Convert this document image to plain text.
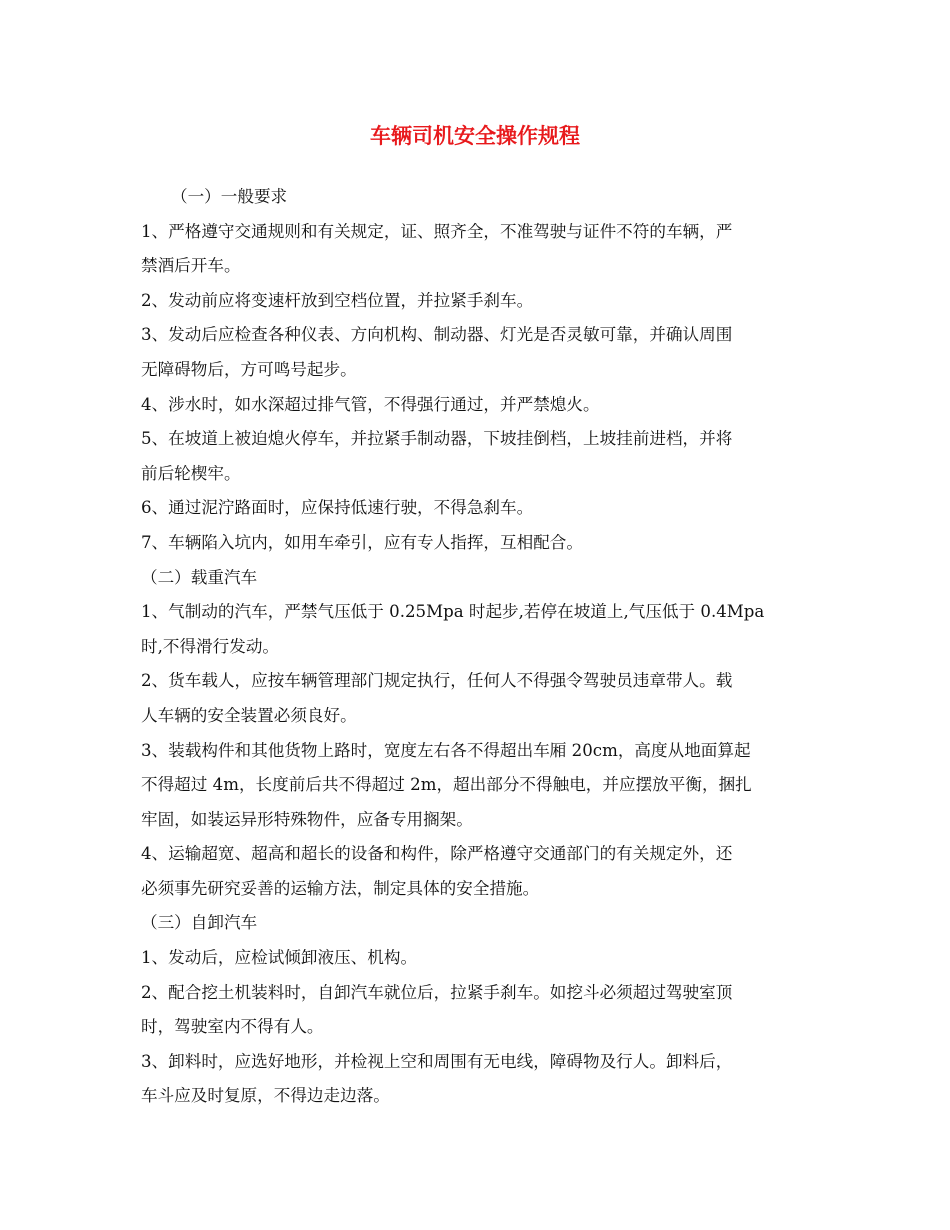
车辆司机安全操作规程

（一）一般要求

1、严格遵守交通规则和有关规定，证、照齐全，不准驾驶与证件不符的车辆，严

禁酒后开车。

2、发动前应将变速杆放到空档位置，并拉紧手刹车。

3、发动后应检查各种仪表、方向机构、制动器、灯光是否灵敏可靠，并确认周围

无障碍物后，方可鸣号起步。

4、涉水时，如水深超过排气管，不得强行通过，并严禁熄火。

5、在坡道上被迫熄火停车，并拉紧手制动器，下坡挂倒档，上坡挂前进档，并将

前后轮楔牢。

6、通过泥泞路面时，应保持低速行驶，不得急刹车。

7、车辆陷入坑内，如用车牵引，应有专人指挥，互相配合。

（二）载重汽车

1、气制动的汽车，严禁气压低于 0.25Mpa 时起步,若停在坡道上,气压低于 0.4Mpa

时,不得滑行发动。

2、货车载人，应按车辆管理部门规定执行，任何人不得强令驾驶员违章带人。载

人车辆的安全装置必须良好。

3、装载构件和其他货物上路时，宽度左右各不得超出车厢 20cm，高度从地面算起

不得超过 4m，长度前后共不得超过 2m，超出部分不得触电，并应摆放平衡，捆扎

牢固，如装运异形特殊物件，应备专用搁架。

4、运输超宽、超高和超长的设备和构件，除严格遵守交通部门的有关规定外，还

必须事先研究妥善的运输方法，制定具体的安全措施。

（三）自卸汽车

1、发动后，应检试倾卸液压、机构。

2、配合挖土机装料时，自卸汽车就位后，拉紧手刹车。如挖斗必须超过驾驶室顶

时，驾驶室内不得有人。

3、卸料时，应选好地形，并检视上空和周围有无电线，障碍物及行人。卸料后，

车斗应及时复原，不得边走边落。
